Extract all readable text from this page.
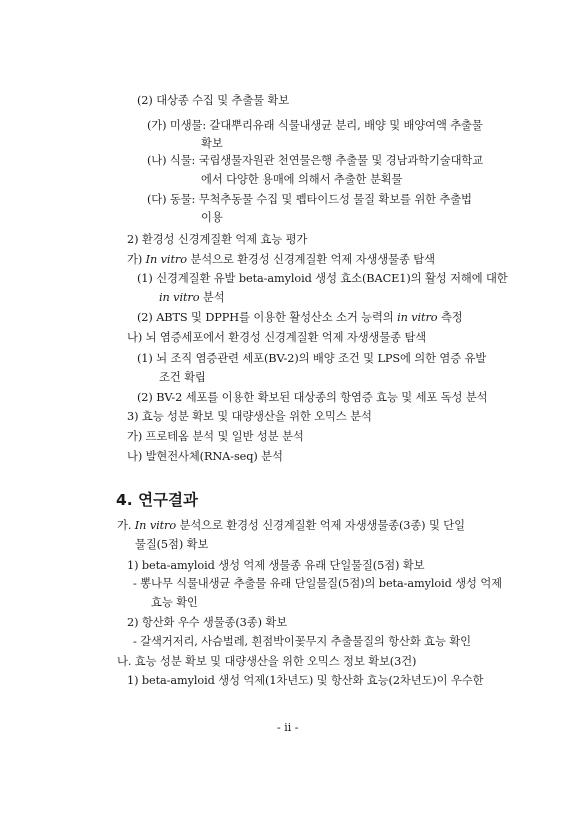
(2) 대상종 수집 및 추출물 확보
(가) 미생물: 갈대뿌리유래 식물내생균 분리, 배양 및 배양여액 추출물
확보
(나) 식물: 국립생물자원관 천연물은행 추출물 및 경남과학기술대학교
에서 다양한 용매에 의해서 추출한 분획물
(다) 동물: 무척추동물 수집 및 펩타이드성 물질 확보를 위한 추출법
이용
2) 환경성 신경계질환 억제 효능 평가
가) In vitro 분석으로 환경성 신경계질환 억제 자생생물종 탐색
(1) 신경계질환 유발 beta-amyloid 생성 효소(BACE1)의 활성 저해에 대한
in vitro 분석
(2) ABTS 및 DPPH를 이용한 활성산소 소거 능력의 in vitro 측정
나) 뇌 염증세포에서 환경성 신경계질환 억제 자생생물종 탐색
(1) 뇌 조직 염증관련 세포(BV-2)의 배양 조건 및 LPS에 의한 염증 유발
조건 확립
(2) BV-2 세포를 이용한 확보된 대상종의 항염증 효능 및 세포 독성 분석
3) 효능 성분 확보 및 대량생산을 위한 오믹스 분석
가) 프로테옴 분석 및 일반 성분 분석
나) 발현전사체(RNA-seq) 분석
4. 연구결과
가. In vitro 분석으로 환경성 신경계질환 억제 자생생물종(3종) 및 단일
물질(5점) 확보
1) beta-amyloid 생성 억제 생물종 유래 단일물질(5점) 확보
- 뽕나무 식물내생균 추출물 유래 단일물질(5점)의 beta-amyloid 생성 억제
효능 확인
2) 항산화 우수 생물종(3종) 확보
- 갈색거저리, 사슴벌레, 흰점박이꽃무지 추출물질의 항산화 효능 확인
나. 효능 성분 확보 및 대량생산을 위한 오믹스 정보 확보(3건)
1) beta-amyloid 생성 억제(1차년도) 및 항산화 효능(2차년도)이 우수한
- ii -
